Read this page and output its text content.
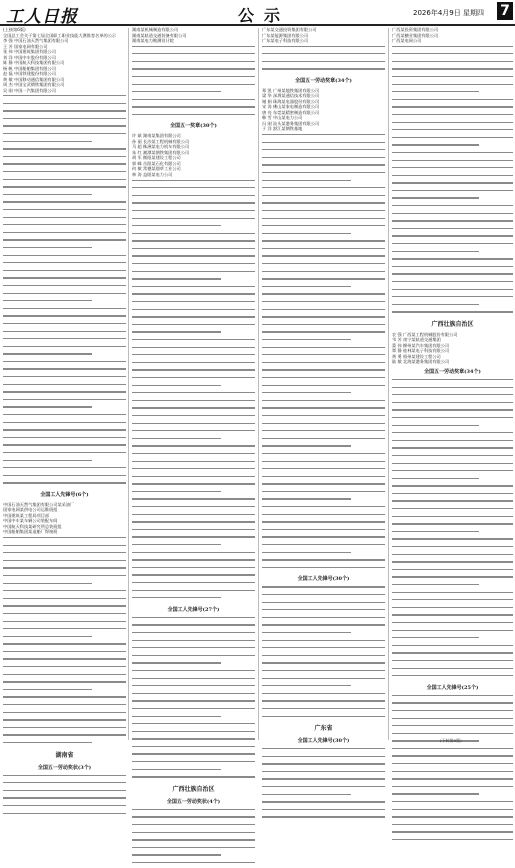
工人日报	公示	2026年4月9日 星期四 7
(上接第6版)
全国总工会关于第七届全国职工职业技能大赛推荐名单的公示
李 强 中国石油天然气集团有限公司
王 芳 国家电网有限公司
张 伟 中国建筑集团有限公司
刘 洋 中国中车股份有限公司
陈 静 中国航天科技集团有限公司
杨 帆 中国船舶集团有限公司
赵 磊 中国铁建股份有限公司
黄 敏 中国移动通信集团有限公司
周 杰 中国宝武钢铁集团有限公司
吴 刚 中国一汽集团有限公司
全国工人先锋号(6个)
中国石油天然气集团有限公司某采油厂
国家电网某供电公司运维班组
中国建筑某工程局项目部
中国中车某车辆公司装配车间
中国航天科技某研究所总装班组
中国船舶集团某造船厂焊接班
湖南省
全国五一劳动奖状(3个)
湖南某机械制造有限公司
湖南某轨道交通装备有限公司
湖南某电力勘测设计院
全国五一奖章(30个)
许 斌 湖南某集团有限公司
孙 丽 长沙某工程机械有限公司
马 超 株洲某电力机车有限公司
朱 红 湘潭某钢铁集团有限公司
胡 军 衡阳某建设工程公司
郭 峰 岳阳某石化有限公司
何 敏 常德某烟草工业公司
林 涛 益阳某电力公司
全国工人先锋号(27个)
广西壮族自治区
全国五一劳动奖状(4个)
广东某交通投资集团有限公司
广东某能源集团有限公司
广东某电子科技有限公司
全国五一劳动奖章(34个)
郑 凯 广州某地铁集团有限公司
梁 华 深圳某通信技术有限公司
谢 娟 珠海某电器股份有限公司
宋 涛 佛山某家电制造有限公司
唐 亮 东莞某精密制造有限公司
韩 雪 中山某电力公司
冯 刚 汕头某港务集团有限公司
于 洋 湛江某钢铁基地
全国工人先锋号(30个)
广东省
全国工人先锋号(30个)
广西某投资集团有限公司
广西某糖业集团有限公司
广西某电网公司
广西壮族自治区
农 强 广西某工程机械股份有限公司
韦 芳 南宁某轨道交通集团
蒙 伟 柳州某汽车集团有限公司
覃 静 桂林某电子科技有限公司
黄 勇 梧州某建设工程公司
陆 敏 北海某港务集团有限公司
全国五一劳动奖章(34个)
全国工人先锋号(25个)
(下转第8版)
